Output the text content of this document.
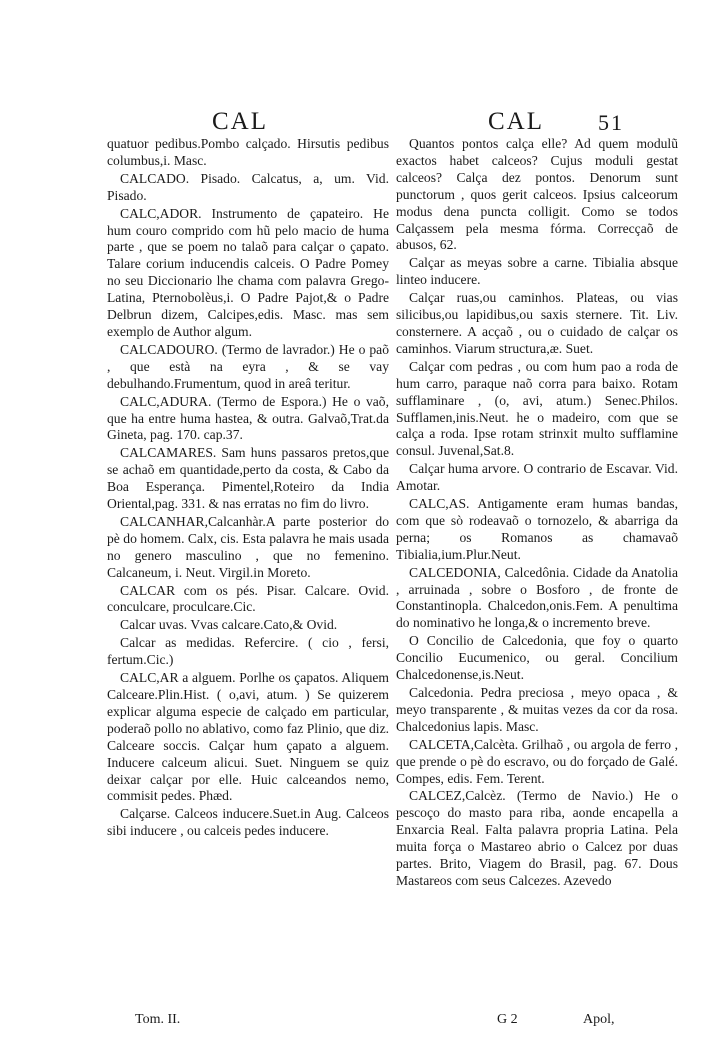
CAL	CAL 51

quatuor pedibus.Pombo calçado. Hirsutis pedibus columbus,i. Masc.

CALCADO. Pisado. Calcatus, a, um. Vid. Pisado.

CALC,ADOR. Instrumento de çapateiro. He hum couro comprido com hũ pelo macio de huma parte , que se poem no talaõ para calçar o çapato. Talare corium inducendis calceis. O Padre Pomey no seu Diccionario lhe chama com palavra Grego-Latina, Pternobolèus,i. O Padre Pajot,& o Padre Delbrun dizem, Calcipes,edis. Masc. mas sem exemplo de Author algum.

CALCADOURO. (Termo de lavrador.) He o paõ , que està na eyra , & se vay debulhando.Frumentum, quod in areâ teritur.

CALC,ADURA. (Termo de Espora.) He o vaõ, que ha entre huma hastea, & outra. Galvaõ,Trat.da Gineta, pag. 170. cap.37.

CALCAMARES. Sam huns passaros pretos,que se achaõ em quantidade,perto da costa, & Cabo da Boa Esperança. Pimentel,Roteiro da India Oriental,pag. 331. & nas erratas no fim do livro.

CALCANHAR,Calcanhàr.A parte posterior do pè do homem. Calx, cis. Esta palavra he mais usada no genero masculino , que no femenino. Calcaneum, i. Neut. Virgil.in Moreto.

CALCAR com os pés. Pisar. Calcare. Ovid. conculcare, proculcare.Cic.

Calcar uvas. Vvas calcare.Cato,& Ovid.

Calcar as medidas. Refercire. ( cio , fersi, fertum.Cic.)

CALC,AR a alguem. Porlhe os çapatos. Aliquem Calceare.Plin.Hist. ( o,avi, atum. ) Se quizerem explicar alguma especie de calçado em particular, poderaõ pollo no ablativo, como faz Plinio, que diz. Calceare soccis. Calçar hum çapato a alguem. Inducere calceum alicui. Suet. Ninguem se quiz deixar calçar por elle. Huic calceandos nemo, commisit pedes. Phæd.

Calçarse. Calceos inducere.Suet.in Aug. Calceos sibi inducere , ou calceis pedes inducere.

Quantos pontos calça elle? Ad quem modulũ exactos habet calceos? Cujus moduli gestat calceos? Calça dez pontos. Denorum sunt punctorum , quos gerit calceos. Ipsius calceorum modus dena puncta colligit. Como se todos Calçassem pela mesma fórma. Correcçaõ de abusos, 62.

Calçar as meyas sobre a carne. Tibialia absque linteo inducere.

Calçar ruas,ou caminhos. Plateas, ou vias silicibus,ou lapidibus,ou saxis sternere. Tit. Liv. consternere. A acçaõ , ou o cuidado de calçar os caminhos. Viarum structura,æ. Suet.

Calçar com pedras , ou com hum pao a roda de hum carro, paraque naõ corra para baixo. Rotam sufflaminare , (o, avi, atum.) Senec.Philos. Sufflamen,inis.Neut. he o madeiro, com que se calça a roda. Ipse rotam strinxit multo sufflamine consul. Juvenal,Sat.8.

Calçar huma arvore. O contrario de Escavar. Vid. Amotar.

CALC,AS. Antigamente eram humas bandas, com que sò rodeavaõ o tornozelo, & abarriga da perna; os Romanos as chamavaõ Tibialia,ium.Plur.Neut.

CALCEDONIA, Calcedônia. Cidade da Anatolia , arruinada , sobre o Bosforo , de fronte de Constantinopla. Chalcedon,onis.Fem. A penultima do nominativo he longa,& o incremento breve.

O Concilio de Calcedonia, que foy o quarto Concilio Eucumenico, ou geral. Concilium Chalcedonense,is.Neut.

Calcedonia. Pedra preciosa , meyo opaca , & meyo transparente , & muitas vezes da cor da rosa. Chalcedonius lapis. Masc.

CALCETA,Calcèta. Grilhaõ , ou argola de ferro , que prende o pè do escravo, ou do forçado de Galé. Compes, edis. Fem. Terent.

CALCEZ,Calcèz. (Termo de Navio.) He o pescoço do masto para riba, aonde encapella a Enxarcia Real. Falta palavra propria Latina. Pela muita força o Mastareo abrio o Calcez por duas partes. Brito, Viagem do Brasil, pag. 67. Dous Mastareos com seus Calcezes. Azevedo

Tom. II.	G 2	Apol,
